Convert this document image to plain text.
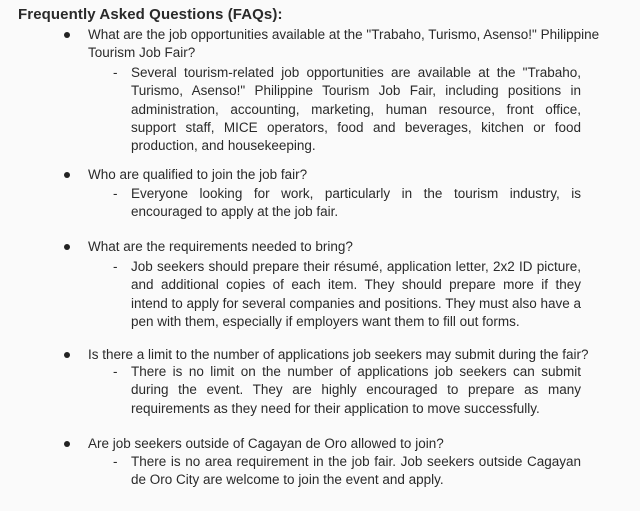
Frequently Asked Questions (FAQs):
What are the job opportunities available at the "Trabaho, Turismo, Asenso!" Philippine Tourism Job Fair?
- Several tourism-related job opportunities are available at the "Trabaho, Turismo, Asenso!" Philippine Tourism Job Fair, including positions in administration, accounting, marketing, human resource, front office, support staff, MICE operators, food and beverages, kitchen or food production, and housekeeping.
Who are qualified to join the job fair?
- Everyone looking for work, particularly in the tourism industry, is encouraged to apply at the job fair.
What are the requirements needed to bring?
- Job seekers should prepare their résumé, application letter, 2x2 ID picture, and additional copies of each item. They should prepare more if they intend to apply for several companies and positions. They must also have a pen with them, especially if employers want them to fill out forms.
Is there a limit to the number of applications job seekers may submit during the fair?
- There is no limit on the number of applications job seekers can submit during the event. They are highly encouraged to prepare as many requirements as they need for their application to move successfully.
Are job seekers outside of Cagayan de Oro allowed to join?
- There is no area requirement in the job fair. Job seekers outside Cagayan de Oro City are welcome to join the event and apply.
